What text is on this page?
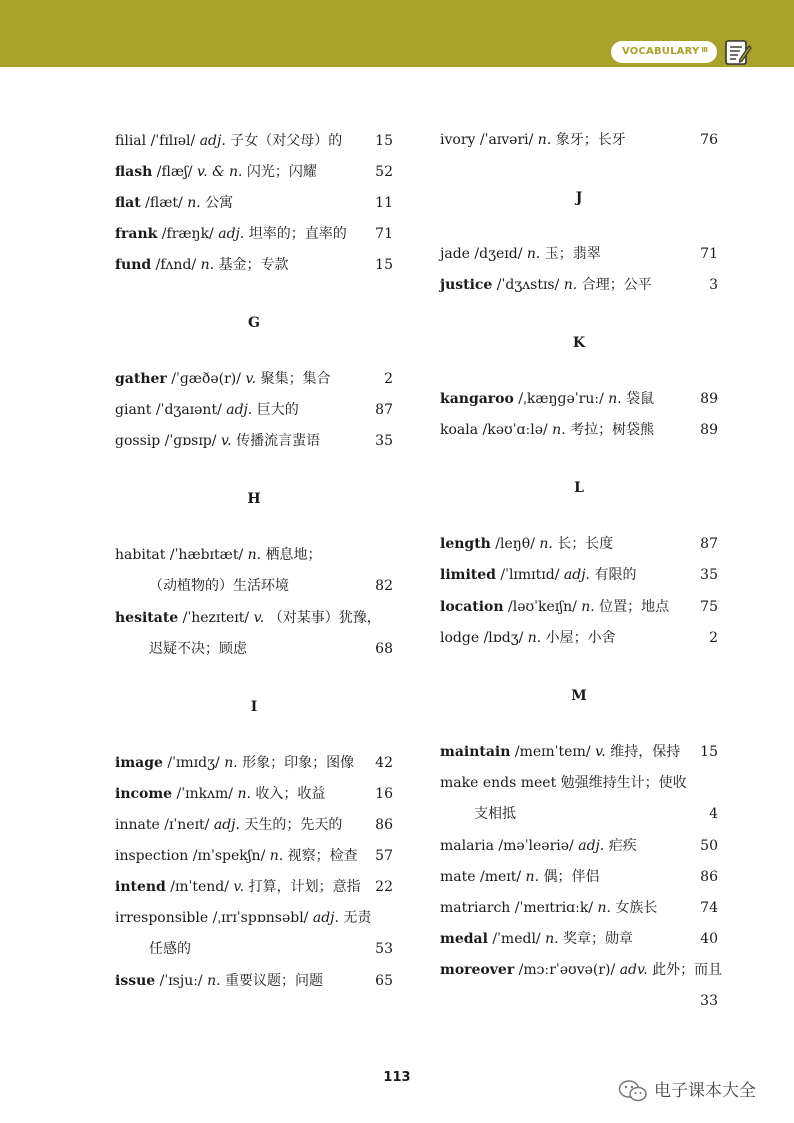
VOCABULARY $^Ⅲ$
filial /ˈfɪlɪəl/ adj. 子女（对父母）的 15
flash /flæʃ/ v. & n. 闪光；闪耀	52
flat /flæt/ n. 公寓	11
frank /fræŋk/ adj. 坦率的；直率的 71
fund /fʌnd/ n. 基金；专款	15
G
gather /ˈɡæðə(r)/ v. 聚集；集合	2
giant /ˈdʒaɪənt/ adj. 巨大的	87
gossip /ˈɡɒsɪp/ v. 传播流言蜚语	35
H
habitat /ˈhæbɪtæt/ n. 栖息地；
（动植物的）生活环境	82
hesitate /ˈhezɪteɪt/ v. （对某事）犹豫，
迟疑不决；顾虑	68
I
image /ˈɪmɪdʒ/ n. 形象；印象；图像 42
income /ˈɪnkʌm/ n. 收入；收益	16
innate /ɪˈneɪt/ adj. 天生的；先天的 86
inspection /ɪnˈspekʃn/ n. 视察；检查 57
intend /ɪnˈtend/ v. 打算，计划；意指 22
irresponsible /ˌɪrɪˈspɒnsəbl/ adj. 无责
任感的	53
issue /ˈɪsjuː/ n. 重要议题；问题	65
ivory /ˈaɪvəri/ n. 象牙；长牙	76
J
jade /dʒeɪd/ n. 玉；翡翠	71
justice /ˈdʒʌstɪs/ n. 合理；公平	3
K
kangaroo /ˌkæŋɡəˈruː/ n. 袋鼠	89
koala /kəʊˈɑːlə/ n. 考拉；树袋熊	89
L
length /leŋθ/ n. 长；长度	87
limited /ˈlɪmɪtɪd/ adj. 有限的	35
location /ləʊˈkeɪʃn/ n. 位置；地点 75
lodge /lɒdʒ/ n. 小屋；小舍	2
M
maintain /meɪnˈteɪn/ v. 维持，保持 15
make ends meet 勉强维持生计；使收
支相抵	4
malaria /məˈleəriə/ adj. 疟疾	50
mate /meɪt/ n. 偶；伴侣	86
matriarch /ˈmeɪtriɑːk/ n. 女族长	74
medal /ˈmedl/ n. 奖章；勋章	40
moreover /mɔːrˈəʊvə(r)/ adv. 此外；而且
33
113
电子课本大全
